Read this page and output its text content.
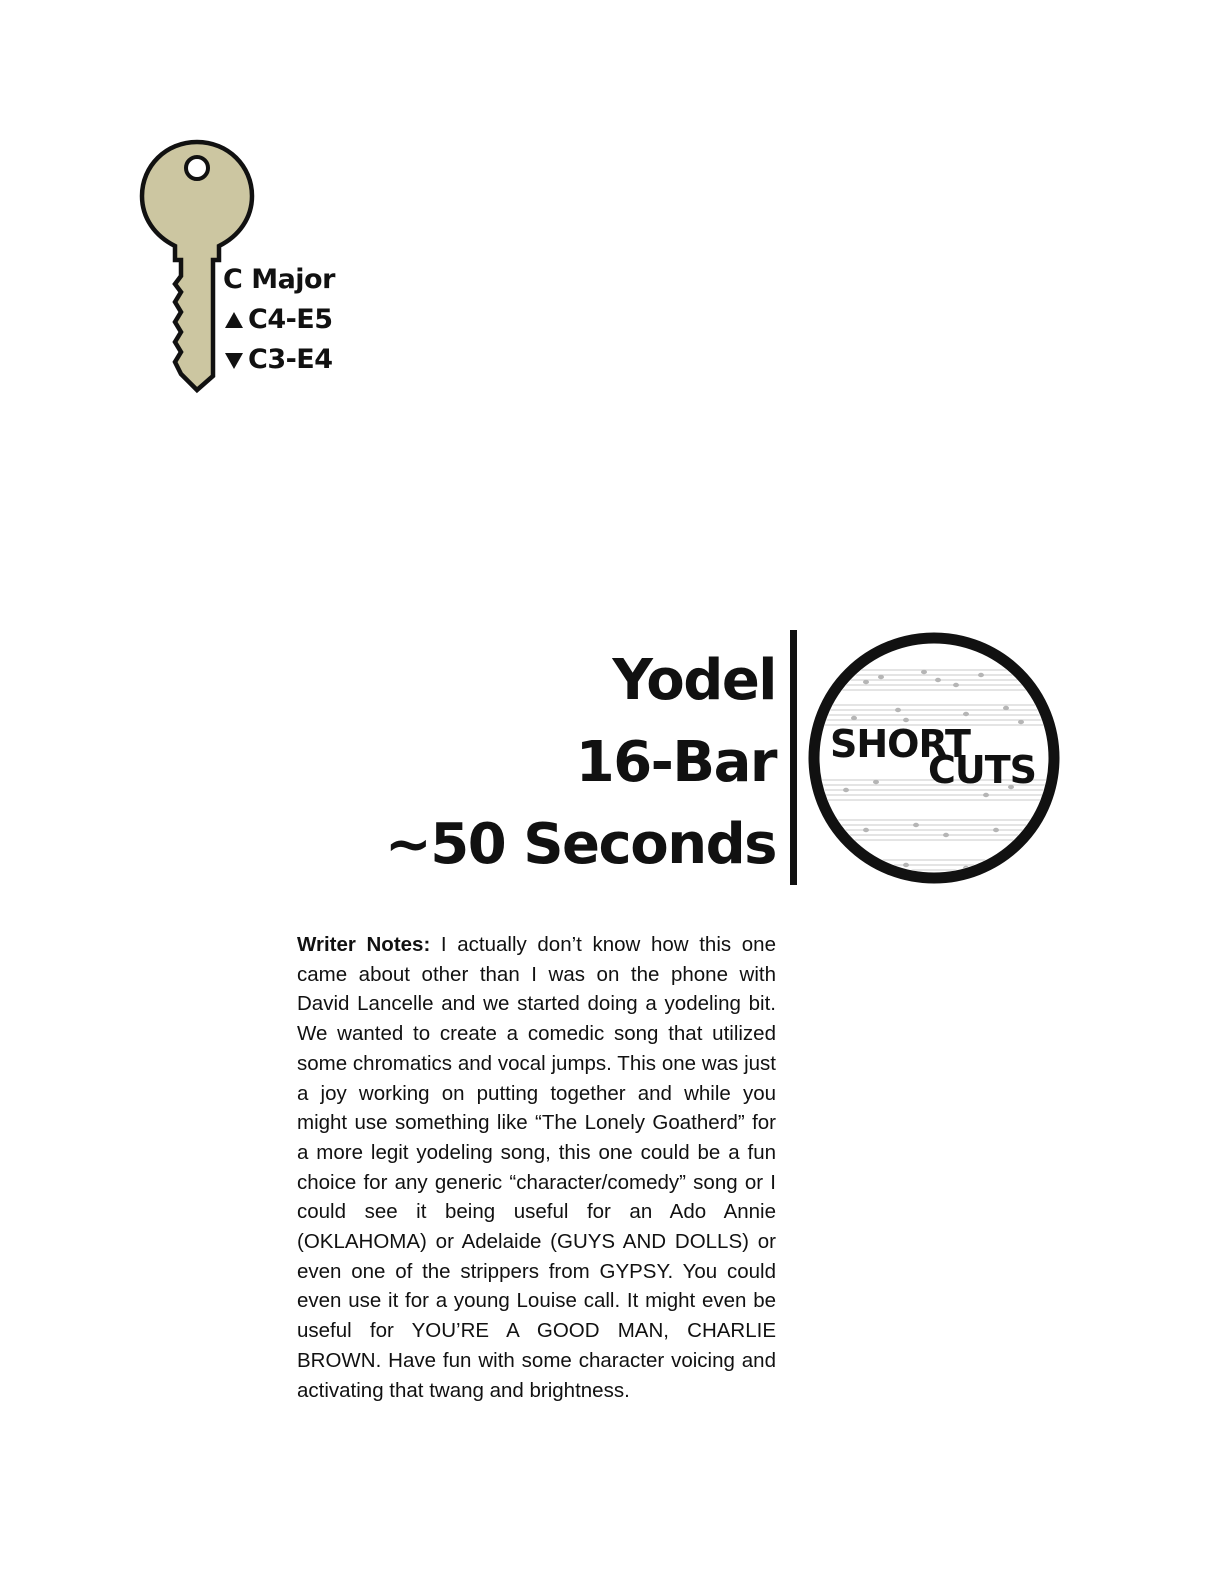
C Major
C4-E5
C3-E4
Yodel
16-Bar
~50 Seconds
SHORT
CUTS
Writer Notes: I actually don’t know how this one came about other than I was on the phone with David Lancelle and we started doing a yodeling bit. We wanted to create a comedic song that utilized some chromatics and vocal jumps. This one was just a joy working on putting together and while you might use something like “The Lonely Goatherd” for a more legit yodeling song, this one could be a fun choice for any generic “character/comedy” song or I could see it being useful for an Ado Annie (OKLAHOMA) or Adelaide (GUYS AND DOLLS) or even one of the strippers from GYPSY. You could even use it for a young Louise call. It might even be useful for YOU’RE A GOOD MAN, CHARLIE BROWN. Have fun with some character voicing and activating that twang and brightness.
